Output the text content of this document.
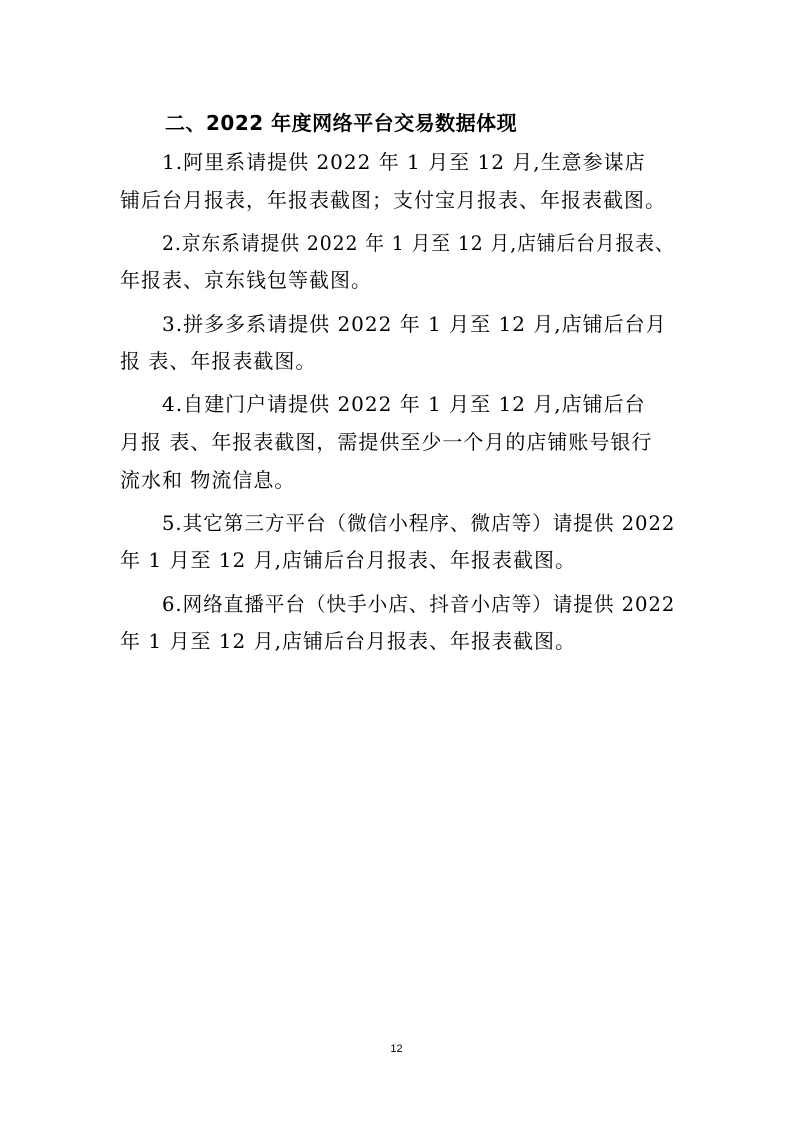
二、2022 年度网络平台交易数据体现
1.阿里系请提供 2022 年 1 月至 12 月,生意参谋店
铺后台月报表，年报表截图；支付宝月报表、年报表截图。
2.京东系请提供 2022 年 1 月至 12 月,店铺后台月报表、
年报表、京东钱包等截图。
3.拼多多系请提供 2022 年 1 月至 12 月,店铺后台月
报 表、年报表截图。
4.自建门户请提供 2022 年 1 月至 12 月,店铺后台
月报 表、年报表截图，需提供至少一个月的店铺账号银行
流水和 物流信息。
5.其它第三方平台（微信小程序、微店等）请提供 2022
年 1 月至 12 月,店铺后台月报表、年报表截图。
6.网络直播平台（快手小店、抖音小店等）请提供 2022
年 1 月至 12 月,店铺后台月报表、年报表截图。
12
